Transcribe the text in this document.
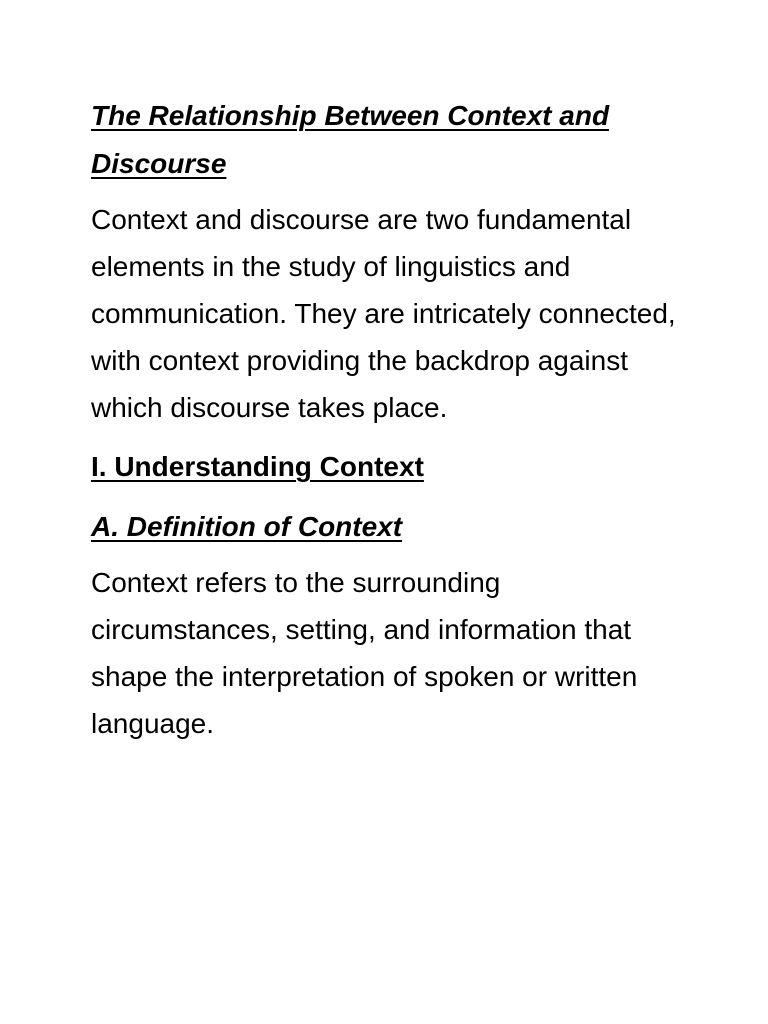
The Relationship Between Context and
Discourse

Context and discourse are two fundamental elements in the study of linguistics and communication. They are intricately connected, with context providing the backdrop against which discourse takes place.

I. Understanding Context
A. Definition of Context

Context refers to the surrounding circumstances, setting, and information that shape the interpretation of spoken or written language.
